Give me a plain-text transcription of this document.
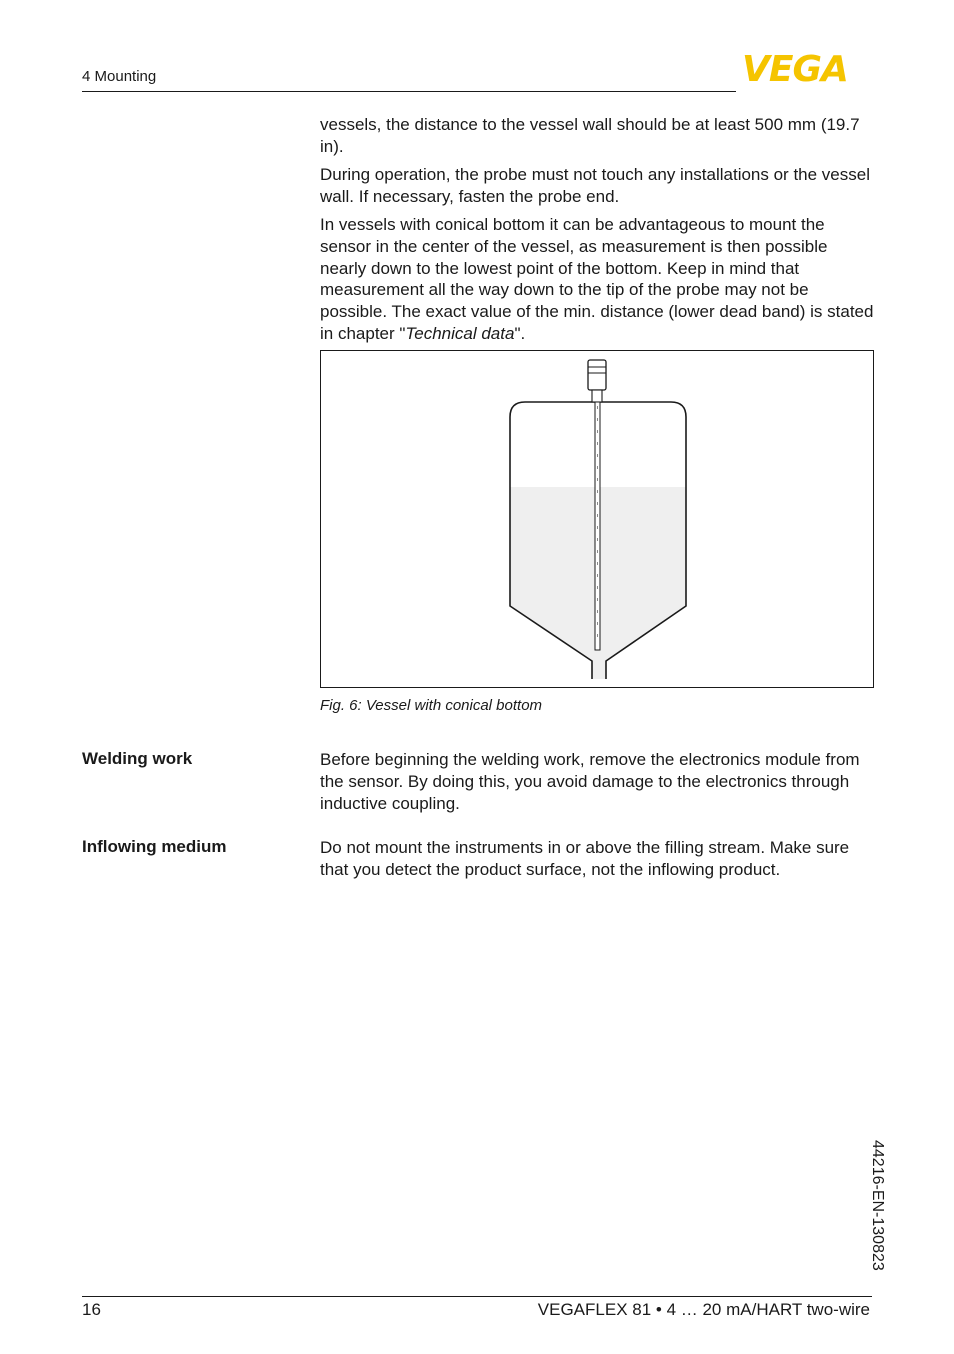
4 Mounting	VEGA

vessels, the distance to the vessel wall should be at least 500 mm (19.7 in).

During operation, the probe must not touch any installations or the vessel wall. If necessary, fasten the probe end.

In vessels with conical bottom it can be advantageous to mount the sensor in the center of the vessel, as measurement is then possible nearly down to the lowest point of the bottom. Keep in mind that measurement all the way down to the tip of the probe may not be possible. The exact value of the min. distance (lower dead band) is stated in chapter "Technical data".

Fig. 6: Vessel with conical bottom
Welding work	Before beginning the welding work, remove the electronics module from the sensor. By doing this, you avoid damage to the electronics through inductive coupling.

Inflowing medium	Do not mount the instruments in or above the filling stream. Make sure that you detect the product surface, not the inflowing product.

44216-EN-130823
16	VEGAFLEX 81 • 4 … 20 mA/HART two-wire
